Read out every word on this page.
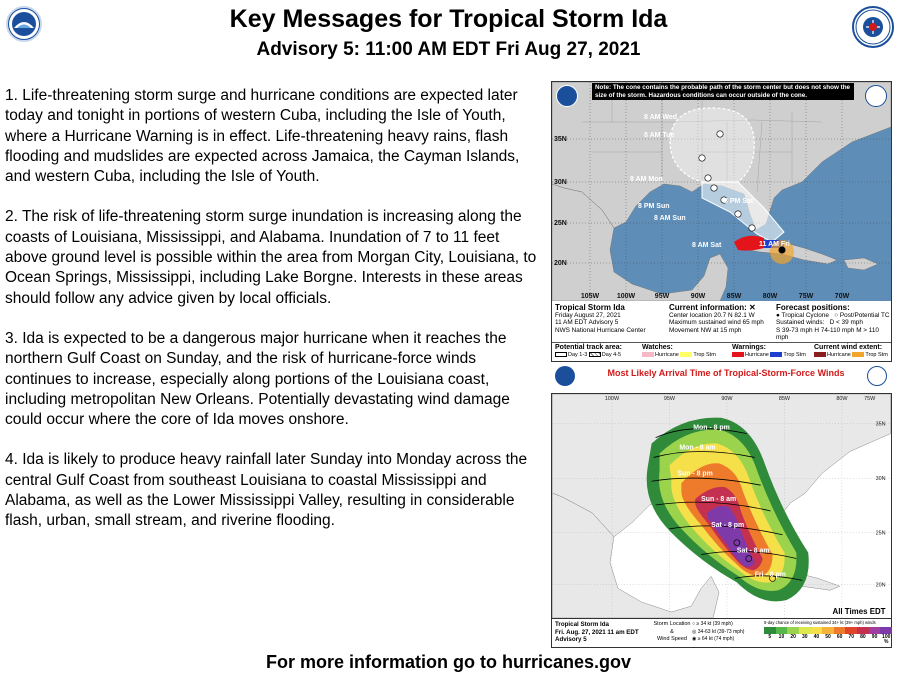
Key Messages for Tropical Storm Ida
Advisory 5: 11:00 AM EDT Fri Aug 27, 2021

1. Life-threatening storm surge and hurricane conditions are expected later today and tonight in portions of western Cuba, including the Isle of Youth, where a Hurricane Warning is in effect. Life-threatening heavy rains, flash flooding and mudslides are expected across Jamaica, the Cayman Islands, and western Cuba, including the Isle of Youth.

2. The risk of life-threatening storm surge inundation is increasing along the coasts of Louisiana, Mississippi, and Alabama. Inundation of 7 to 11 feet above ground level is possible within the area from Morgan City, Louisiana, to Ocean Springs, Mississippi, including Lake Borgne. Interests in these areas should follow any advice given by local officials.

3. Ida is expected to be a dangerous major hurricane when it reaches the northern Gulf Coast on Sunday, and the risk of hurricane-force winds continues to increase, especially along portions of the Louisiana coast, including metropolitan New Orleans. Potentially devastating wind damage could occur where the core of Ida moves onshore.

4. Ida is likely to produce heavy rainfall later Sunday into Monday across the central Gulf Coast from southeast Louisiana to coastal Mississippi and Alabama, as well as the Lower Mississippi Valley, resulting in considerable flash, urban, small stream, and riverine flooding.

8 AM Wed
8 AM Tue
8 AM Mon
8 PM Sun
8 AM Sun
8 PM Sat
8 AM Sat	11 AM Fri
35N
30N
25N
20N
105W	100W	95W	90W	85W	80W	75W	70W
Note: The cone contains the probable path of the storm center but does not show the size of the storm. Hazardous conditions can occur outside of the cone.
Tropical Storm Ida
Friday August 27, 2021
11 AM EDT Advisory 5
NWS National Hurricane Center
Current information: ✕
Center location 20.7 N 82.1 W
Maximum sustained wind 65 mph
Movement NW at 15 mph
Forecast positions:
● Tropical Cyclone ○ Post/Potential TC
Sustained winds: D < 39 mph
S 39-73 mph H 74-110 mph M > 110 mph
Potential track area:
Day 1-3	Day 4-5
Watches:
Hurricane	Trop Stm
Warnings:
Hurricane	Trop Stm
Current wind extent:
Hurricane	Trop Stm
Most Likely Arrival Time of Tropical-Storm-Force Winds
Mon - 8 pm
Mon - 8 am
Sun - 8 pm
Sun - 8 am
Sat - 8 pm
Sat - 8 am
Fri - 8 pm
100W	95W	90W	85W	80W	75W
35N
30N
25N
20N
All Times EDT
Tropical Storm Ida
Fri. Aug. 27, 2021 11 am EDT
Advisory 5
Storm Location
&
Wind Speed
○ ≥ 34 kt (39 mph)
◎ 34-63 kt (39-73 mph)
◉ ≥ 64 kt (74 mph)
5-day chance of receiving sustained 34+ kt (39+ mph) winds
5	10	20	30	40	50	60	70	80	90 100 %
For more information go to hurricanes.gov
